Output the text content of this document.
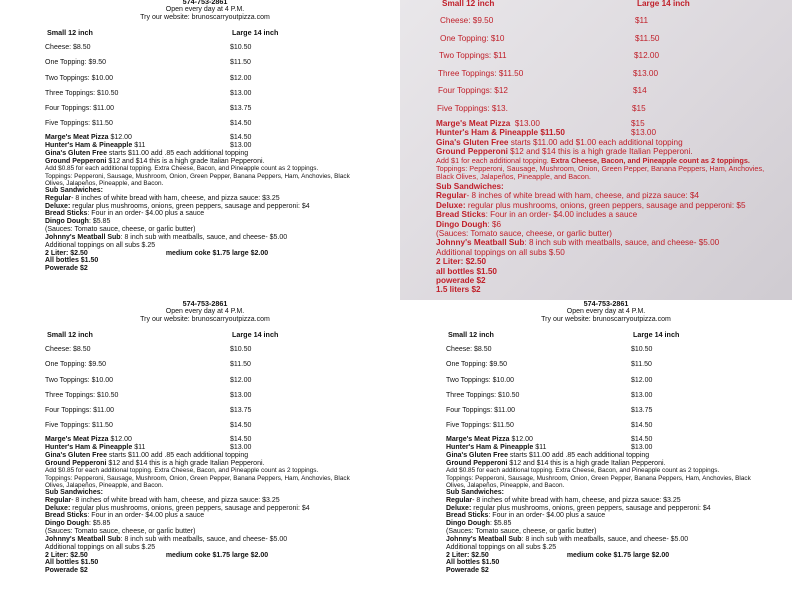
574-753-2861
Open every day at 4 P.M.
Try our website: brunoscarryoutpizza.com
Small 12 inch	Large 14 inch
Cheese: $8.50	$10.50
One Topping: $9.50	$11.50
Two Toppings: $10.00	$12.00
Three Toppings: $10.50	$13.00
Four Toppings: $11.00	$13.75
Five Toppings: $11.50	$14.50
Marge's Meat Pizza $12.00	$14.50
Hunter's Ham & Pineapple $11	$13.00

Gina's Gluten Free starts $11.00 add .85 each additional topping

Ground Pepperoni $12 and $14 this is a high grade Italian Pepperoni.

Add $0.85 for each additional topping. Extra Cheese, Bacon, and Pineapple count as 2 toppings.

Toppings: Pepperoni, Sausage, Mushroom, Onion, Green Pepper, Banana Peppers, Ham, Anchovies, Black Olives, Jalapeños, Pineapple, and Bacon.

Sub Sandwiches:

Regular- 8 inches of white bread with ham, cheese, and pizza sauce: $3.25

Deluxe: regular plus mushrooms, onions, green peppers, sausage and pepperoni: $4

Bread Sticks: Four in an order- $4.00 plus a sauce

Dingo Dough: $5.85

(Sauces: Tomato sauce, cheese, or garlic butter)

Johnny's Meatball Sub: 8 inch sub with meatballs, sauce, and cheese- $5.00

Additional toppings on all subs $.25

2 Liter: $2.50	medium coke $1.75 large $2.00

All bottles $1.50

Powerade $2

Small 12 inch	Large 14 inch
Cheese: $9.50	$11
One Topping: $10	$11.50
Two Toppings: $11	$12.00
Three Toppings: $11.50	$13.00
Four Toppings: $12	$14
Five Toppings: $13.	$15
Marge's Meat Pizza $13.00	$15
Hunter's Ham & Pineapple $11.50	$13.00

Gina's Gluten Free starts $11.00 add $1.00 each additional topping

Ground Pepperoni $12 and $14 this is a high grade Italian Pepperoni.

Add $1 for each additional topping. Extra Cheese, Bacon, and Pineapple count as 2 toppings.

Toppings: Pepperoni, Sausage, Mushroom, Onion, Green Pepper, Banana Peppers, Ham, Anchovies, Black Olives, Jalapeños, Pineapple, and Bacon.

Sub Sandwiches:

Regular- 8 inches of white bread with ham, cheese, and pizza sauce: $4

Deluxe: regular plus mushrooms, onions, green peppers, sausage and pepperoni: $5

Bread Sticks: Four in an order- $4.00 includes a sauce

Dingo Dough: $6

(Sauces: Tomato sauce, cheese, or garlic butter)

Johnny's Meatball Sub: 8 inch sub with meatballs, sauce, and cheese- $5.00

Additional toppings on all subs $.50

2 Liter: $2.50

all bottles $1.50

powerade $2

1.5 liters $2

574-753-2861
Open every day at 4 P.M.
Try our website: brunoscarryoutpizza.com
Small 12 inch	Large 14 inch
Cheese: $8.50	$10.50
One Topping: $9.50	$11.50
Two Toppings: $10.00	$12.00
Three Toppings: $10.50	$13.00
Four Toppings: $11.00	$13.75
Five Toppings: $11.50	$14.50
Marge's Meat Pizza $12.00	$14.50
Hunter's Ham & Pineapple $11	$13.00

Gina's Gluten Free starts $11.00 add .85 each additional topping

Ground Pepperoni $12 and $14 this is a high grade Italian Pepperoni.

Add $0.85 for each additional topping. Extra Cheese, Bacon, and Pineapple count as 2 toppings.

Toppings: Pepperoni, Sausage, Mushroom, Onion, Green Pepper, Banana Peppers, Ham, Anchovies, Black Olives, Jalapeños, Pineapple, and Bacon.

Sub Sandwiches:

Regular- 8 inches of white bread with ham, cheese, and pizza sauce: $3.25

Deluxe: regular plus mushrooms, onions, green peppers, sausage and pepperoni: $4

Bread Sticks: Four in an order- $4.00 plus a sauce

Dingo Dough: $5.85

(Sauces: Tomato sauce, cheese, or garlic butter)

Johnny's Meatball Sub: 8 inch sub with meatballs, sauce, and cheese- $5.00

Additional toppings on all subs $.25

2 Liter: $2.50	medium coke $1.75 large $2.00

All bottles $1.50

Powerade $2

574-753-2861
Open every day at 4 P.M.
Try our website: brunoscarryoutpizza.com
Small 12 inch	Large 14 inch
Cheese: $8.50	$10.50
One Topping: $9.50	$11.50
Two Toppings: $10.00	$12.00
Three Toppings: $10.50	$13.00
Four Toppings: $11.00	$13.75
Five Toppings: $11.50	$14.50
Marge's Meat Pizza $12.00	$14.50
Hunter's Ham & Pineapple $11	$13.00

Gina's Gluten Free starts $11.00 add .85 each additional topping

Ground Pepperoni $12 and $14 this is a high grade Italian Pepperoni.

Add $0.85 for each additional topping. Extra Cheese, Bacon, and Pineapple count as 2 toppings.

Toppings: Pepperoni, Sausage, Mushroom, Onion, Green Pepper, Banana Peppers, Ham, Anchovies, Black Olives, Jalapeños, Pineapple, and Bacon.

Sub Sandwiches:

Regular- 8 inches of white bread with ham, cheese, and pizza sauce: $3.25

Deluxe: regular plus mushrooms, onions, green peppers, sausage and pepperoni: $4

Bread Sticks: Four in an order- $4.00 plus a sauce

Dingo Dough: $5.85

(Sauces: Tomato sauce, cheese, or garlic butter)

Johnny's Meatball Sub: 8 inch sub with meatballs, sauce, and cheese- $5.00

Additional toppings on all subs $.25

2 Liter: $2.50	medium coke $1.75 large $2.00

All bottles $1.50

Powerade $2
